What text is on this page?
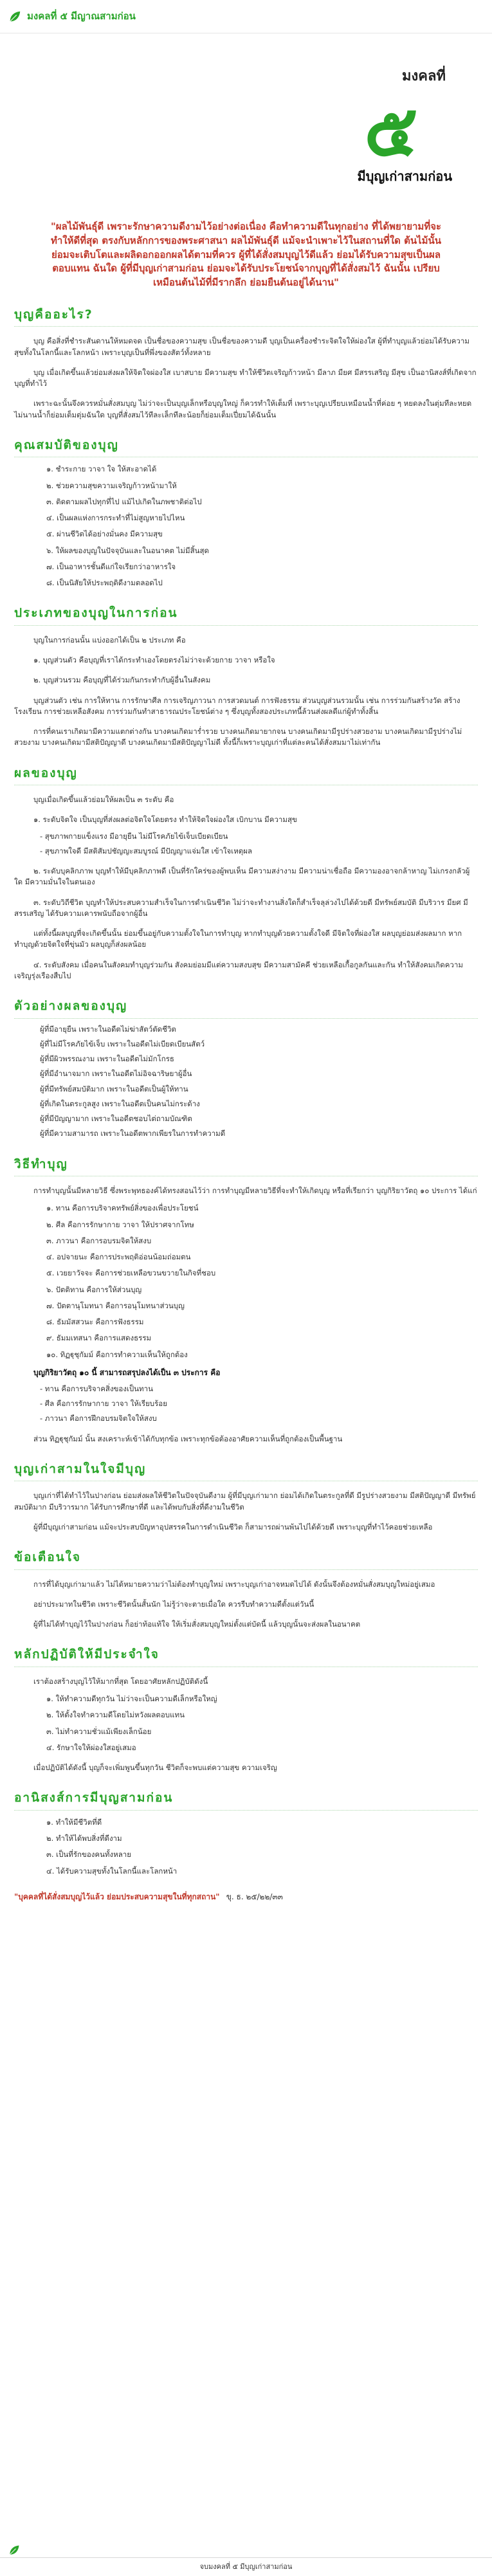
มงคลที่ ๕ มีญาณสามก่อน
มงคลที่
๕
มีบุญเก่าสามก่อน
"ผลไม้พันธุ์ดี เพราะรักษาความดีงามไว้อย่างต่อเนื่อง คือทำความดีในทุกอย่าง ที่ได้พยายามที่จะทำให้ดีที่สุด ตรงกับหลักการของพระศาสนา ผลไม้พันธุ์ดี แม้จะนำเพาะไว้ในสถานที่ใด ต้นไม้นั้นย่อมจะเติบโตและผลิดอกออกผลได้ตามที่ควร ผู้ที่ได้สั่งสมบุญไว้ดีแล้ว ย่อมได้รับความสุขเป็นผลตอบแทน ฉันใด ผู้ที่มีบุญเก่าสามก่อน ย่อมจะได้รับประโยชน์จากบุญที่ได้สั่งสมไว้ ฉันนั้น เปรียบเหมือนต้นไม้ที่มีรากลึก ย่อมยืนต้นอยู่ได้นาน"
บุญคืออะไร?

บุญ คือสิ่งที่ชำระสันดานให้หมดจด เป็นชื่อของความสุข เป็นชื่อของความดี บุญเป็นเครื่องชำระจิตใจให้ผ่องใส ผู้ที่ทำบุญแล้วย่อมได้รับความสุขทั้งในโลกนี้และโลกหน้า เพราะบุญเป็นที่พึ่งของสัตว์ทั้งหลาย

บุญ เมื่อเกิดขึ้นแล้วย่อมส่งผลให้จิตใจผ่องใส เบาสบาย มีความสุข ทำให้ชีวิตเจริญก้าวหน้า มีลาภ มียศ มีสรรเสริญ มีสุข เป็นอานิสงส์ที่เกิดจากบุญที่ทำไว้

เพราะฉะนั้นจึงควรหมั่นสั่งสมบุญ ไม่ว่าจะเป็นบุญเล็กหรือบุญใหญ่ ก็ควรทำให้เต็มที่ เพราะบุญเปรียบเหมือนน้ำที่ค่อย ๆ หยดลงในตุ่มทีละหยด ไม่นานน้ำก็ย่อมเต็มตุ่มฉันใด บุญที่สั่งสมไว้ทีละเล็กทีละน้อยก็ย่อมเต็มเปี่ยมได้ฉันนั้น

คุณสมบัติของบุญ
๑. ชำระกาย วาจา ใจ ให้สะอาดได้
๒. ช่วยความสุขความเจริญก้าวหน้ามาให้
๓. ติดตามผลไปทุกที่ไป แม้ไปเกิดในภพชาติต่อไป
๔. เป็นผลแห่งการกระทำที่ไม่สูญหายไปไหน
๕. ผ่านชีวิตได้อย่างมั่นคง มีความสุข
๖. ให้ผลของบุญในปัจจุบันและในอนาคต ไม่มีสิ้นสุด
๗. เป็นอาหารชั้นดีแก่ใจเรียกว่าอาหารใจ
๘. เป็นนิสัยให้ประพฤติดีงามตลอดไป
ประเภทของบุญในการก่อน

บุญในการก่อนนั้น แบ่งออกได้เป็น ๒ ประเภท คือ

๑. บุญส่วนตัว คือบุญที่เราได้กระทำเองโดยตรงไม่ว่าจะด้วยกาย วาจา หรือใจ

๒. บุญส่วนรวม คือบุญที่ได้ร่วมกันกระทำกับผู้อื่นในสังคม

บุญส่วนตัว เช่น การให้ทาน การรักษาศีล การเจริญภาวนา การสวดมนต์ การฟังธรรม ส่วนบุญส่วนรวมนั้น เช่น การร่วมกันสร้างวัด สร้างโรงเรียน การช่วยเหลือสังคม การร่วมกันทำสาธารณประโยชน์ต่าง ๆ ซึ่งบุญทั้งสองประเภทนี้ล้วนส่งผลดีแก่ผู้ทำทั้งสิ้น

การที่คนเราเกิดมามีความแตกต่างกัน บางคนเกิดมาร่ำรวย บางคนเกิดมายากจน บางคนเกิดมามีรูปร่างสวยงาม บางคนเกิดมามีรูปร่างไม่สวยงาม บางคนเกิดมามีสติปัญญาดี บางคนเกิดมามีสติปัญญาไม่ดี ทั้งนี้ก็เพราะบุญเก่าที่แต่ละคนได้สั่งสมมาไม่เท่ากัน

ผลของบุญ

บุญเมื่อเกิดขึ้นแล้วย่อมให้ผลเป็น ๓ ระดับ คือ

๑. ระดับจิตใจ เป็นบุญที่ส่งผลต่อจิตใจโดยตรง ทำให้จิตใจผ่องใส เบิกบาน มีความสุข

- สุขภาพกายแข็งแรง มีอายุยืน ไม่มีโรคภัยไข้เจ็บเบียดเบียน
- สุขภาพใจดี มีสติสัมปชัญญะสมบูรณ์ มีปัญญาแจ่มใส เข้าใจเหตุผล

๒. ระดับบุคลิกภาพ บุญทำให้มีบุคลิกภาพดี เป็นที่รักใคร่ของผู้พบเห็น มีความสง่างาม มีความน่าเชื่อถือ มีความองอาจกล้าหาญ ไม่เกรงกลัวผู้ใด มีความมั่นใจในตนเอง

๓. ระดับวิถีชีวิต บุญทำให้ประสบความสำเร็จในการดำเนินชีวิต ไม่ว่าจะทำงานสิ่งใดก็สำเร็จลุล่วงไปได้ด้วยดี มีทรัพย์สมบัติ มีบริวาร มียศ มีสรรเสริญ ได้รับความเคารพนับถือจากผู้อื่น

แต่ทั้งนี้ผลบุญที่จะเกิดขึ้นนั้น ย่อมขึ้นอยู่กับความตั้งใจในการทำบุญ หากทำบุญด้วยความตั้งใจดี มีจิตใจที่ผ่องใส ผลบุญย่อมส่งผลมาก หากทำบุญด้วยจิตใจที่ขุ่นมัว ผลบุญก็ส่งผลน้อย

๔. ระดับสังคม เมื่อคนในสังคมทำบุญร่วมกัน สังคมย่อมมีแต่ความสงบสุข มีความสามัคคี ช่วยเหลือเกื้อกูลกันและกัน ทำให้สังคมเกิดความเจริญรุ่งเรืองสืบไป

ตัวอย่างผลของบุญ
ผู้ที่มีอายุยืน เพราะในอดีตไม่ฆ่าสัตว์ตัดชีวิต
ผู้ที่ไม่มีโรคภัยไข้เจ็บ เพราะในอดีตไม่เบียดเบียนสัตว์
ผู้ที่มีผิวพรรณงาม เพราะในอดีตไม่มักโกรธ
ผู้ที่มีอำนาจมาก เพราะในอดีตไม่อิจฉาริษยาผู้อื่น
ผู้ที่มีทรัพย์สมบัติมาก เพราะในอดีตเป็นผู้ให้ทาน
ผู้ที่เกิดในตระกูลสูง เพราะในอดีตเป็นคนไม่กระด้าง
ผู้ที่มีปัญญามาก เพราะในอดีตชอบไต่ถามบัณฑิต
ผู้ที่มีความสามารถ เพราะในอดีตพากเพียรในการทำความดี
วิธีทำบุญ

การทำบุญนั้นมีหลายวิธี ซึ่งพระพุทธองค์ได้ทรงสอนไว้ว่า การทำบุญมีหลายวิธีที่จะทำให้เกิดบุญ หรือที่เรียกว่า บุญกิริยาวัตถุ ๑๐ ประการ ได้แก่

๑. ทาน คือการบริจาคทรัพย์สิ่งของเพื่อประโยชน์
๒. ศีล คือการรักษากาย วาจา ให้ปราศจากโทษ
๓. ภาวนา คือการอบรมจิตให้สงบ
๔. อปจายนะ คือการประพฤติอ่อนน้อมถ่อมตน
๕. เวยยาวัจจะ คือการช่วยเหลือขวนขวายในกิจที่ชอบ
๖. ปัตติทาน คือการให้ส่วนบุญ
๗. ปัตตานุโมทนา คือการอนุโมทนาส่วนบุญ
๘. ธัมมัสสวนะ คือการฟังธรรม
๙. ธัมมเทสนา คือการแสดงธรรม
๑๐. ทิฏฐุชุกัมม์ คือการทำความเห็นให้ถูกต้อง

บุญกิริยาวัตถุ ๑๐ นี้ สามารถสรุปลงได้เป็น ๓ ประการ คือ

- ทาน คือการบริจาคสิ่งของเป็นทาน
- ศีล คือการรักษากาย วาจา ให้เรียบร้อย
- ภาวนา คือการฝึกอบรมจิตใจให้สงบ

ส่วน ทิฏฐุชุกัมม์ นั้น สงเคราะห์เข้าได้กับทุกข้อ เพราะทุกข้อต้องอาศัยความเห็นที่ถูกต้องเป็นพื้นฐาน

บุญเก่าสามในใจมีบุญ

บุญเก่าที่ได้ทำไว้ในปางก่อน ย่อมส่งผลให้ชีวิตในปัจจุบันดีงาม ผู้ที่มีบุญเก่ามาก ย่อมได้เกิดในตระกูลที่ดี มีรูปร่างสวยงาม มีสติปัญญาดี มีทรัพย์สมบัติมาก มีบริวารมาก ได้รับการศึกษาที่ดี และได้พบกับสิ่งที่ดีงามในชีวิต

ผู้ที่มีบุญเก่าสามก่อน แม้จะประสบปัญหาอุปสรรคในการดำเนินชีวิต ก็สามารถผ่านพ้นไปได้ด้วยดี เพราะบุญที่ทำไว้คอยช่วยเหลือ

ข้อเตือนใจ

การที่ได้บุญเก่ามาแล้ว ไม่ได้หมายความว่าไม่ต้องทำบุญใหม่ เพราะบุญเก่าอาจหมดไปได้ ดังนั้นจึงต้องหมั่นสั่งสมบุญใหม่อยู่เสมอ

อย่าประมาทในชีวิต เพราะชีวิตนั้นสั้นนัก ไม่รู้ว่าจะตายเมื่อใด ควรรีบทำความดีตั้งแต่วันนี้

ผู้ที่ไม่ได้ทำบุญไว้ในปางก่อน ก็อย่าท้อแท้ใจ ให้เริ่มสั่งสมบุญใหม่ตั้งแต่บัดนี้ แล้วบุญนั้นจะส่งผลในอนาคต

หลักปฏิบัติให้มีประจำใจ

เราต้องสร้างบุญไว้ให้มากที่สุด โดยอาศัยหลักปฏิบัติดังนี้

๑. ให้ทำความดีทุกวัน ไม่ว่าจะเป็นความดีเล็กหรือใหญ่
๒. ให้ตั้งใจทำความดีโดยไม่หวังผลตอบแทน
๓. ไม่ทำความชั่วแม้เพียงเล็กน้อย
๔. รักษาใจให้ผ่องใสอยู่เสมอ

เมื่อปฏิบัติได้ดังนี้ บุญก็จะเพิ่มพูนขึ้นทุกวัน ชีวิตก็จะพบแต่ความสุข ความเจริญ

อานิสงส์การมีบุญสามก่อน
๑. ทำให้มีชีวิตที่ดี
๒. ทำให้ได้พบสิ่งที่ดีงาม
๓. เป็นที่รักของคนทั้งหลาย
๔. ได้รับความสุขทั้งในโลกนี้และโลกหน้า
"บุคคลที่ได้สั่งสมบุญไว้แล้ว ย่อมประสบความสุขในที่ทุกสถาน" ขุ. ธ. ๒๕/๒๒/๓๓
จบมงคลที่ ๕ มีบุญเก่าสามก่อน
